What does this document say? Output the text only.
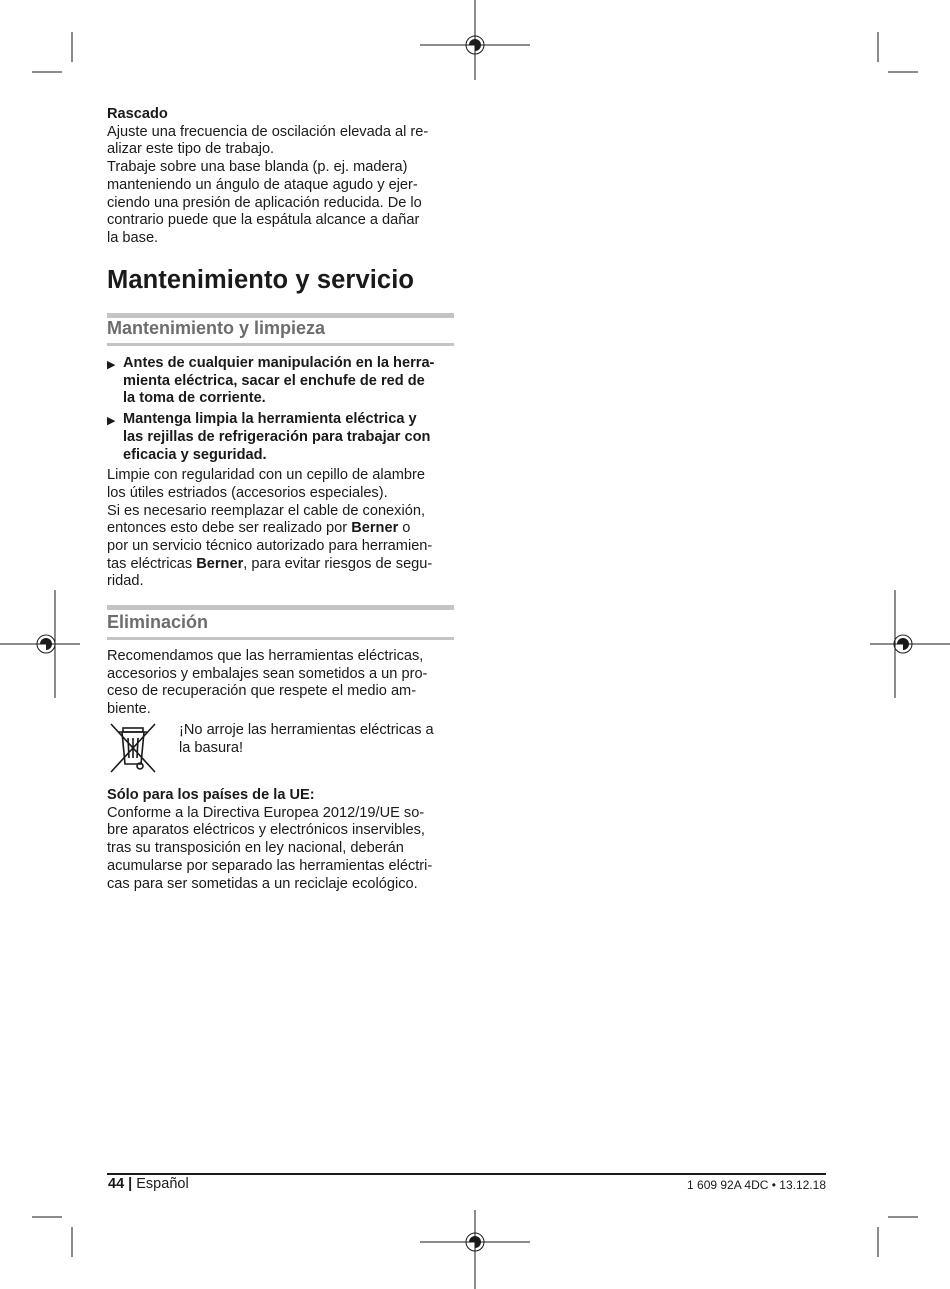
Rascado

Ajuste una frecuencia de oscilación elevada al re-
alizar este tipo de trabajo.

Trabaje sobre una base blanda (p. ej. madera)
manteniendo un ángulo de ataque agudo y ejer-
ciendo una presión de aplicación reducida. De lo
contrario puede que la espátula alcance a dañar
la base.

Mantenimiento y servicio
Mantenimiento y limpieza

▶ Antes de cualquier manipulación en la herra-
mienta eléctrica, sacar el enchufe de red de
la toma de corriente.

▶ Mantenga limpia la herramienta eléctrica y
las rejillas de refrigeración para trabajar con
eficacia y seguridad.

Limpie con regularidad con un cepillo de alambre
los útiles estriados (accesorios especiales).

Si es necesario reemplazar el cable de conexión,
entonces esto debe ser realizado por Berner o
por un servicio técnico autorizado para herramien-
tas eléctricas Berner, para evitar riesgos de segu-
ridad.

Eliminación

Recomendamos que las herramientas eléctricas,
accesorios y embalajes sean sometidos a un pro-
ceso de recuperación que respete el medio am-
biente.

¡No arroje las herramientas eléctricas a
la basura!

Sólo para los países de la UE:

Conforme a la Directiva Europea 2012/19/UE so-
bre aparatos eléctricos y electrónicos inservibles,
tras su transposición en ley nacional, deberán
acumularse por separado las herramientas eléctri-
cas para ser sometidas a un reciclaje ecológico.

44 | Español	1 609 92A 4DC • 13.12.18
